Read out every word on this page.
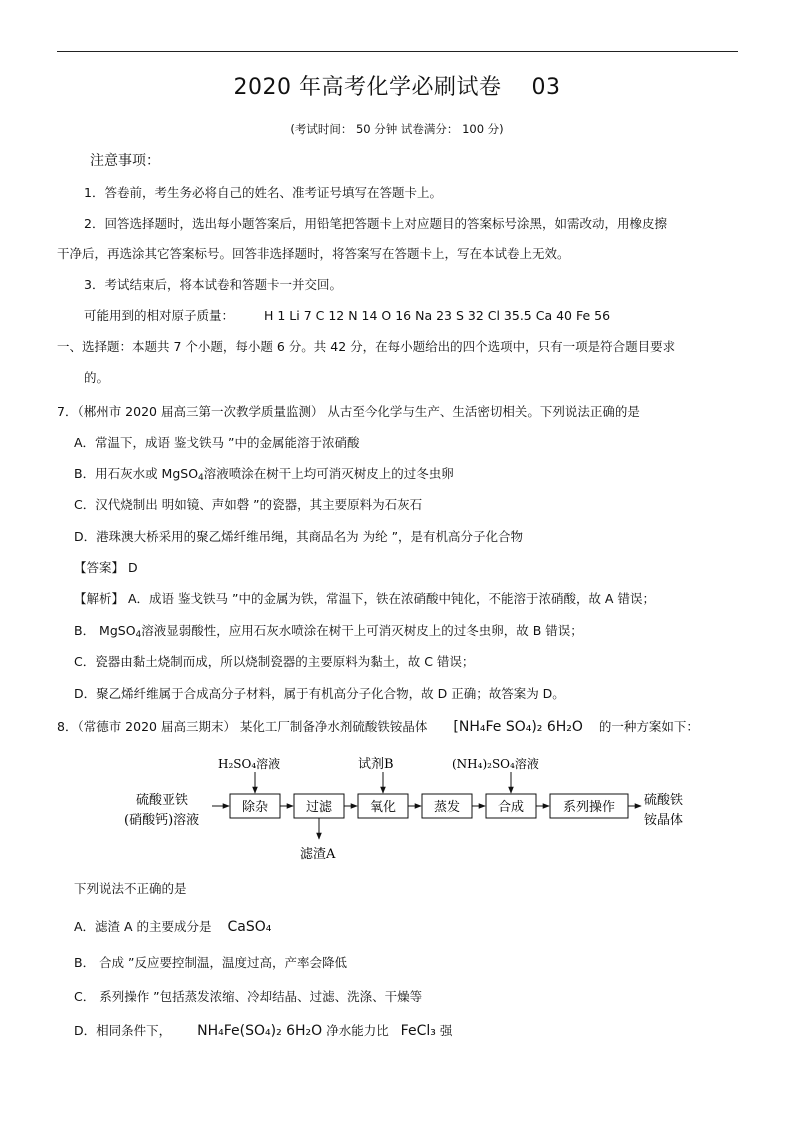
2020 年高考化学必刷试卷 03
(考试时间： 50 分钟 试卷满分： 100 分)
注意事项：
1．答卷前，考生务必将自己的姓名、准考证号填写在答题卡上。
2．回答选择题时，选出每小题答案后，用铅笔把答题卡上对应题目的答案标号涂黑，如需改动，用橡皮擦
干净后，再选涂其它答案标号。回答非选择题时，将答案写在答题卡上，写在本试卷上无效。
3．考试结束后，将本试卷和答题卡一并交回。
可能用到的相对原子质量： H 1 Li 7 C 12 N 14 O 16 Na 23 S 32 Cl 35.5 Ca 40 Fe 56
一、选择题：本题共 7 个小题，每小题 6 分。共 42 分，在每小题给出的四个选项中，只有一项是符合题目要求
的。
7．（郴州市 2020 届高三第一次教学质量监测） 从古至今化学与生产、生活密切相关。下列说法正确的是
A．常温下，成语 鉴戈铁马 ”中的金属能溶于浓硝酸
B．用石灰水或 MgSO4溶液喷涂在树干上均可消灭树皮上的过冬虫卵
C．汉代烧制出 明如镜、声如磬 ”的瓷器，其主要原料为石灰石
D．港珠澳大桥采用的聚乙烯纤维吊绳，其商品名为 为纶 ”，是有机高分子化合物
【答案】 D
【解析】 A．成语 鉴戈铁马 ”中的金属为铁，常温下，铁在浓硝酸中钝化，不能溶于浓硝酸，故 A 错误；
B． MgSO4溶液显弱酸性，应用石灰水喷涂在树干上可消灭树皮上的过冬虫卵，故 B 错误；
C．瓷器由黏土烧制而成，所以烧制瓷器的主要原料为黏土，故 C 错误；
D．聚乙烯纤维属于合成高分子材料，属于有机高分子化合物，故 D 正确；故答案为 D。
8．（常德市 2020 届高三期末） 某化工厂制备净水剂硫酸铁铵晶体 [NH₄Fe SO₄)₂ 6H₂O 的一种方案如下：
硫酸亚铁
(硝酸钙)溶液
除杂	过滤	氧化	蒸发	合成	系列操作 硫酸铁
铵晶体
H₂SO₄溶液	试剂B	(NH₄)₂SO₄溶液
滤渣A
下列说法不正确的是
A．滤渣 A 的主要成分是 CaSO₄
B． 合成 ”反应要控制温，温度过高，产率会降低
C． 系列操作 ”包括蒸发浓缩、冷却结晶、过滤、洗涤、干燥等
D．相同条件下， NH₄Fe(SO₄)₂ 6H₂O 净水能力比 FeCl₃ 强
